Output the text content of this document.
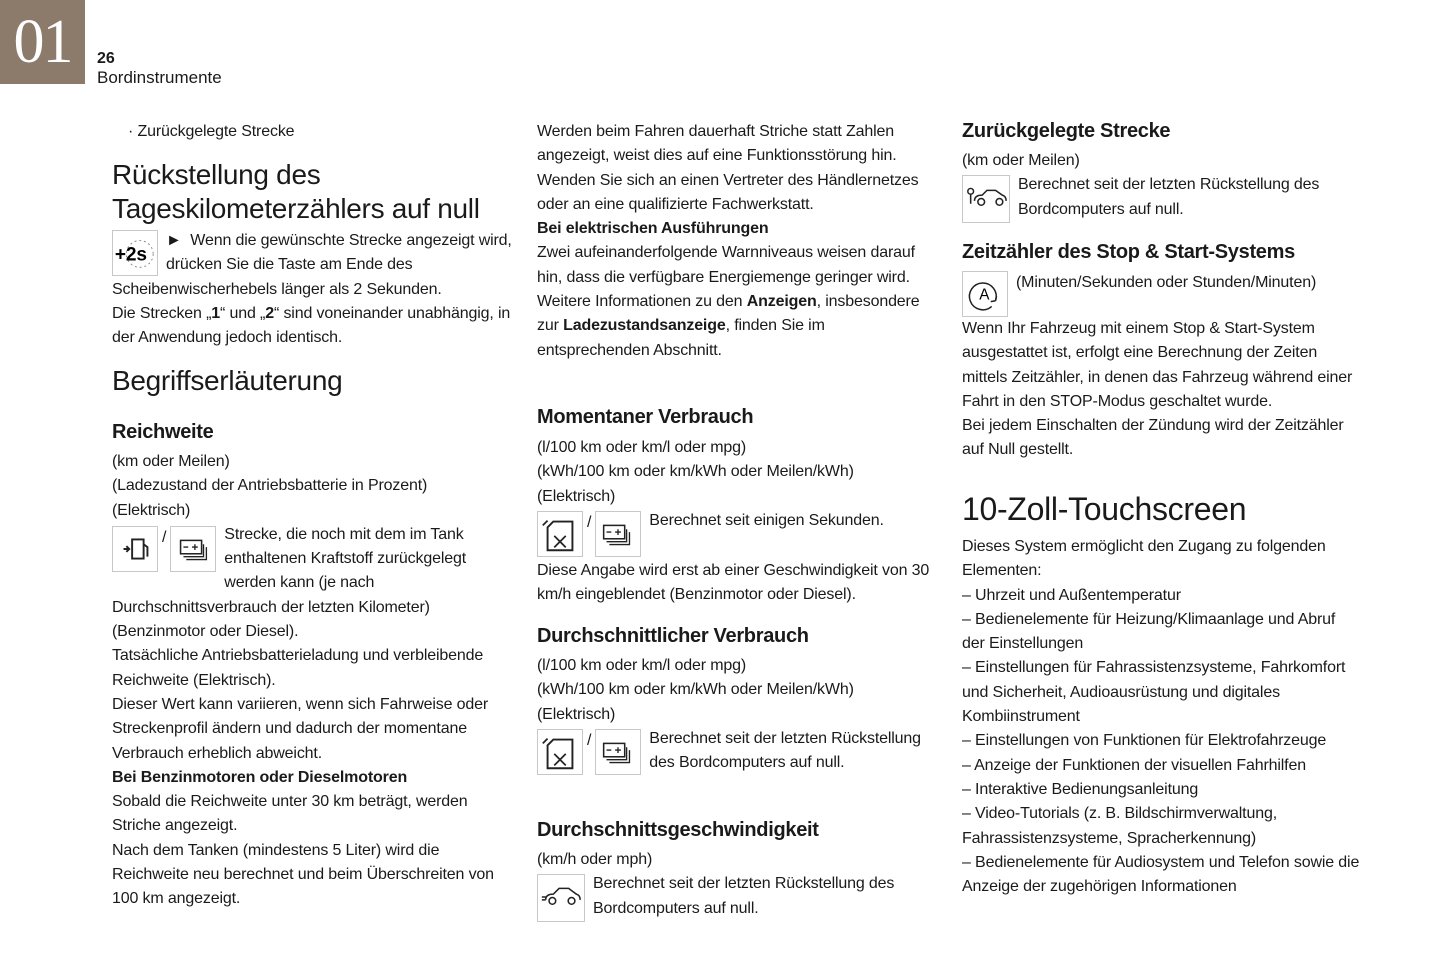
01	26
Bordinstrumente
· Zurückgelegte Strecke
Rückstellung des Tageskilometerzählers auf null
+2s

► Wenn die gewünschte Strecke angezeigt wird, drücken Sie die Taste am Ende des Scheibenwischerhebels länger als 2 Sekunden.

Die Strecken „1“ und „2“ sind voneinander unabhängig, in der Anwendung jedoch identisch.

Begriffserläuterung
Reichweite

(km oder Meilen)

(Ladezustand der Antriebsbatterie in Prozent)

(Elektrisch)

/	Strecke, die noch mit dem im Tank enthaltenen Kraftstoff zurückgelegt werden kann (je nach Durchschnittsverbrauch der letzten Kilometer) (Benzinmotor oder Diesel).

Tatsächliche Antriebsbatterieladung und verbleibende Reichweite (Elektrisch).

Dieser Wert kann variieren, wenn sich Fahrweise oder Streckenprofil ändern und dadurch der momentane Verbrauch erheblich abweicht.

Bei Benzinmotoren oder Dieselmotoren

Sobald die Reichweite unter 30 km beträgt, werden Striche angezeigt.

Nach dem Tanken (mindestens 5 Liter) wird die Reichweite neu berechnet und beim Überschreiten von 100 km angezeigt.

Werden beim Fahren dauerhaft Striche statt Zahlen angezeigt, weist dies auf eine Funktionsstörung hin. Wenden Sie sich an einen Vertreter des Händlernetzes oder an eine qualifizierte Fachwerkstatt.

Bei elektrischen Ausführungen

Zwei aufeinanderfolgende Warnniveaus weisen darauf hin, dass die verfügbare Energiemenge geringer wird.

Weitere Informationen zu den Anzeigen, insbesondere zur Ladezustandsanzeige, finden Sie im entsprechenden Abschnitt.

Momentaner Verbrauch

(l/100 km oder km/l oder mpg)

(kWh/100 km oder km/kWh oder Meilen/kWh)

(Elektrisch)

/	Berechnet seit einigen Sekunden.

Diese Angabe wird erst ab einer Geschwindigkeit von 30 km/h eingeblendet (Benzinmotor oder Diesel).

Durchschnittlicher Verbrauch

(l/100 km oder km/l oder mpg)

(kWh/100 km oder km/kWh oder Meilen/kWh)

(Elektrisch)

/	Berechnet seit der letzten Rückstellung des Bordcomputers auf null.

Durchschnittsgeschwindigkeit

(km/h oder mph)

Berechnet seit der letzten Rückstellung des Bordcomputers auf null.

Zurückgelegte Strecke

(km oder Meilen)

Berechnet seit der letzten Rückstellung des Bordcomputers auf null.

Zeitzähler des Stop & Start-Systems
A

(Minuten/Sekunden oder Stunden/Minuten)

Wenn Ihr Fahrzeug mit einem Stop & Start-System ausgestattet ist, erfolgt eine Berechnung der Zeiten mittels Zeitzähler, in denen das Fahrzeug während einer Fahrt in den STOP-Modus geschaltet wurde.

Bei jedem Einschalten der Zündung wird der Zeitzähler auf Null gestellt.

10-Zoll-Touchscreen

Dieses System ermöglicht den Zugang zu folgenden Elementen:

– Uhrzeit und Außentemperatur

– Bedienelemente für Heizung/Klimaanlage und Abruf der Einstellungen

– Einstellungen für Fahrassistenzsysteme, Fahrkomfort und Sicherheit, Audioausrüstung und digitales Kombiinstrument

– Einstellungen von Funktionen für Elektrofahrzeuge

– Anzeige der Funktionen der visuellen Fahrhilfen

– Interaktive Bedienungsanleitung

– Video-Tutorials (z. B. Bildschirmverwaltung, Fahrassistenzsysteme, Spracherkennung)

– Bedienelemente für Audiosystem und Telefon sowie die Anzeige der zugehörigen Informationen
